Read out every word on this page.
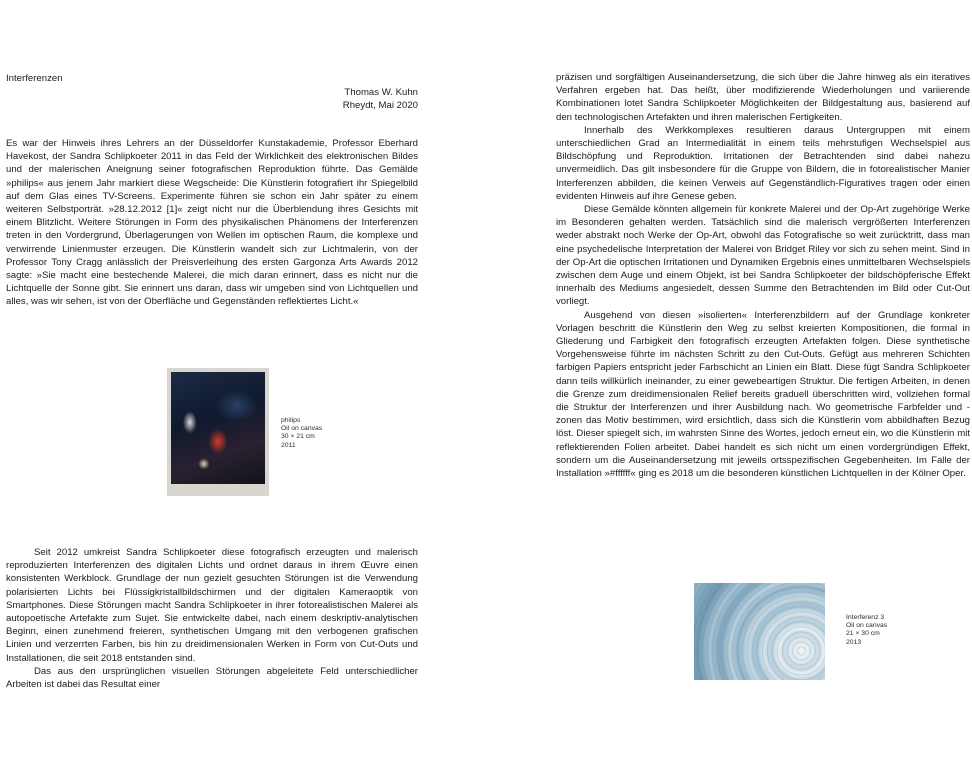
Interferenzen
Thomas W. Kuhn
Rheydt, Mai 2020

Es war der Hinweis ihres Lehrers an der Düsseldorfer Kunstakademie, Professor Eberhard Havekost, der Sandra Schlipkoeter 2011 in das Feld der Wirklichkeit des elektronischen Bildes und der malerischen Aneignung seiner fotografischen Reproduktion führte. Das Gemälde »philips« aus jenem Jahr markiert diese Wegscheide: Die Künstlerin fotografiert ihr Spiegelbild auf dem Glas eines TV-Screens. Experimente führen sie schon ein Jahr später zu einem weiteren Selbstporträt. »28.12.2012 [1]« zeigt nicht nur die Überblendung ihres Gesichts mit einem Blitzlicht. Weitere Störungen in Form des physikalischen Phänomens der Interferenzen treten in den Vordergrund, Überlagerungen von Wellen im optischen Raum, die komplexe und verwirrende Linienmuster erzeugen. Die Künstlerin wandelt sich zur Lichtmalerin, von der Professor Tony Cragg anlässlich der Preisverleihung des ersten Gargonza Arts Awards 2012 sagte: »Sie macht eine bestechende Malerei, die mich daran erinnert, dass es nicht nur die Lichtquelle der Sonne gibt. Sie erinnert uns daran, dass wir umgeben sind von Lichtquellen und alles, was wir sehen, ist von der Oberfläche und Gegenständen reflektiertes Licht.«

philips
Oil on canvas
30 × 21 cm
2011

Seit 2012 umkreist Sandra Schlipkoeter diese fotografisch erzeugten und malerisch reproduzierten Interferenzen des digitalen Lichts und ordnet daraus in ihrem Œuvre einen konsistenten Werkblock. Grundlage der nun gezielt gesuchten Störungen ist die Verwendung polarisierten Lichts bei Flüssigkristallbildschirmen und der digitalen Kameraoptik von Smartphones. Diese Störungen macht Sandra Schlipkoeter in ihrer fotorealistischen Malerei als autopoetische Artefakte zum Sujet. Sie entwickelte dabei, nach einem deskriptiv-analytischen Beginn, einen zunehmend freieren, synthetischen Umgang mit den verbogenen grafischen Linien und verzerrten Farben, bis hin zu dreidimensionalen Werken in Form von Cut-Outs und Installationen, die seit 2018 entstanden sind.

Das aus den ursprünglichen visuellen Störungen abgeleitete Feld unterschiedlicher Arbeiten ist dabei das Resultat einer

präzisen und sorgfältigen Auseinandersetzung, die sich über die Jahre hinweg als ein iteratives Verfahren ergeben hat. Das heißt, über modifizierende Wiederholungen und variierende Kombinationen lotet Sandra Schlipkoeter Möglichkeiten der Bildgestaltung aus, basierend auf den technologischen Artefakten und ihren malerischen Fertigkeiten.

Innerhalb des Werkkomplexes resultieren daraus Untergruppen mit einem unterschiedlichen Grad an Intermedialität in einem teils mehrstufigen Wechselspiel aus Bildschöpfung und Reproduktion. Irritationen der Betrachtenden sind dabei nahezu unvermeidlich. Das gilt insbesondere für die Gruppe von Bildern, die in fotorealistischer Manier Interferenzen abbilden, die keinen Verweis auf Gegenständlich-Figuratives tragen oder einen evidenten Hinweis auf ihre Genese geben.

Diese Gemälde könnten allgemein für konkrete Malerei und der Op-Art zugehörige Werke im Besonderen gehalten werden. Tatsächlich sind die malerisch vergrößerten Interferenzen weder abstrakt noch Werke der Op-Art, obwohl das Fotografische so weit zurücktritt, dass man eine psychedelische Interpretation der Malerei von Bridget Riley vor sich zu sehen meint. Sind in der Op-Art die optischen Irritationen und Dynamiken Ergebnis eines unmittelbaren Wechselspiels zwischen dem Auge und einem Objekt, ist bei Sandra Schlipkoeter der bildschöpferische Effekt innerhalb des Mediums angesiedelt, dessen Summe den Betrachtenden im Bild oder Cut-Out vorliegt.

Ausgehend von diesen »isolierten« Interferenzbildern auf der Grundlage konkreter Vorlagen beschritt die Künstlerin den Weg zu selbst kreierten Kompositionen, die formal in Gliederung und Farbigkeit den fotografisch erzeugten Artefakten folgen. Diese synthetische Vorgehensweise führte im nächsten Schritt zu den Cut-Outs. Gefügt aus mehreren Schichten farbigen Papiers entspricht jeder Farbschicht an Linien ein Blatt. Diese fügt Sandra Schlipkoeter dann teils willkürlich ineinander, zu einer gewebeartigen Struktur. Die fertigen Arbeiten, in denen die Grenze zum dreidimensionalen Relief bereits graduell überschritten wird, vollziehen formal die Struktur der Interferenzen und ihrer Ausbildung nach. Wo geometrische Farbfelder und -zonen das Motiv bestimmen, wird ersichtlich, dass sich die Künstlerin vom abbildhaften Bezug löst. Dieser spiegelt sich, im wahrsten Sinne des Wortes, jedoch erneut ein, wo die Künstlerin mit reflektierenden Folien arbeitet. Dabei handelt es sich nicht um einen vordergründigen Effekt, sondern um die Auseinandersetzung mit jeweils ortsspezifischen Gegebenheiten. Im Falle der Installation »#ffffff« ging es 2018 um die besonderen künstlichen Lichtquellen in der Kölner Oper.

Interferenz 3
Oil on canvas
21 × 30 cm
2013
